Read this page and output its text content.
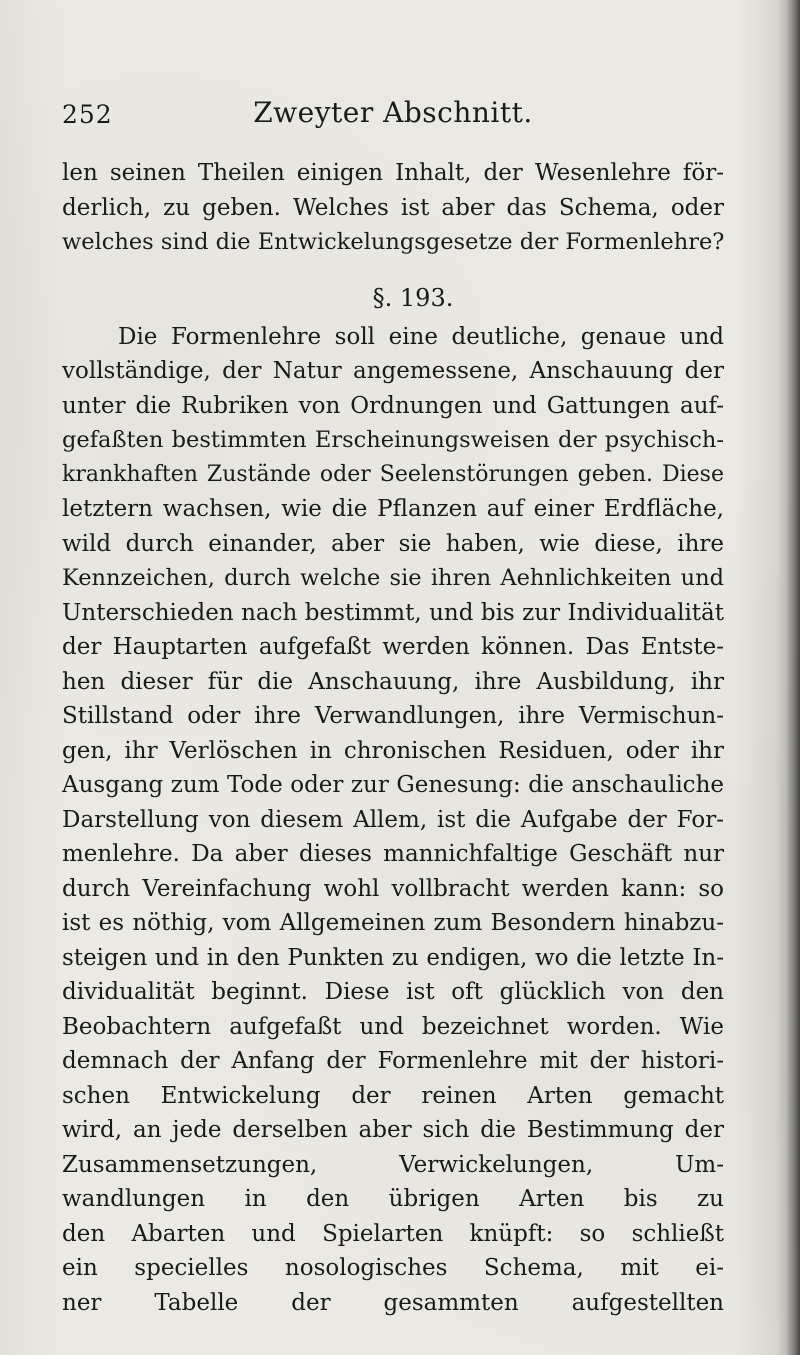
252	Zweyter Abschnitt.
len seinen Theilen einigen Inhalt, der Wesenlehre för-
derlich, zu geben. Welches ist aber das Schema, oder
welches sind die Entwickelungsgesetze der Formenlehre?
§. 193.
Die Formenlehre soll eine deutliche, genaue und
vollständige, der Natur angemessene, Anschauung der
unter die Rubriken von Ordnungen und Gattungen auf-
gefaßten bestimmten Erscheinungsweisen der psychisch-
krankhaften Zustände oder Seelenstörungen geben. Diese
letztern wachsen, wie die Pflanzen auf einer Erdfläche,
wild durch einander, aber sie haben, wie diese, ihre
Kennzeichen, durch welche sie ihren Aehnlichkeiten und
Unterschieden nach bestimmt, und bis zur Individualität
der Hauptarten aufgefaßt werden können. Das Entste-
hen dieser für die Anschauung, ihre Ausbildung, ihr
Stillstand oder ihre Verwandlungen, ihre Vermischun-
gen, ihr Verlöschen in chronischen Residuen, oder ihr
Ausgang zum Tode oder zur Genesung: die anschauliche
Darstellung von diesem Allem, ist die Aufgabe der For-
menlehre. Da aber dieses mannichfaltige Geschäft nur
durch Vereinfachung wohl vollbracht werden kann: so
ist es nöthig, vom Allgemeinen zum Besondern hinabzu-
steigen und in den Punkten zu endigen, wo die letzte In-
dividualität beginnt. Diese ist oft glücklich von den
Beobachtern aufgefaßt und bezeichnet worden. Wie
demnach der Anfang der Formenlehre mit der histori-
schen Entwickelung der reinen Arten gemacht
wird, an jede derselben aber sich die Bestimmung der
Zusammensetzungen, Verwickelungen, Um-
wandlungen in den übrigen Arten bis zu
den Abarten und Spielarten knüpft: so schließt
ein specielles nosologisches Schema, mit ei-
ner Tabelle der gesammten aufgestellten
